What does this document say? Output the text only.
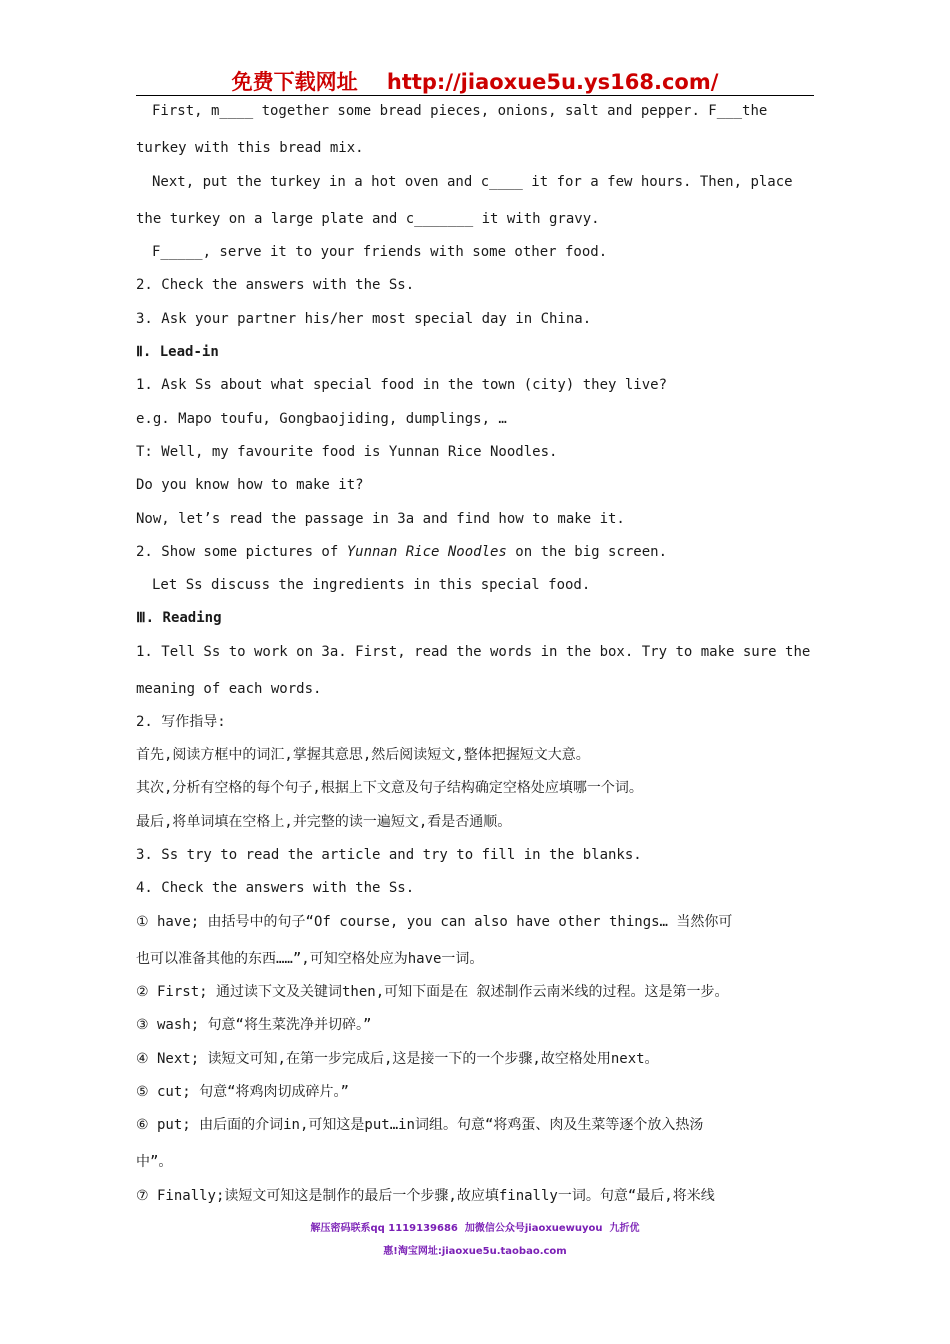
免费下载网址 http://jiaoxue5u.ys168.com/
First, m____ together some bread pieces, onions, salt and pepper. F___the
turkey with this bread mix.
Next, put the turkey in a hot oven and c____ it for a few hours. Then, place
the turkey on a large plate and c_______ it with gravy.
F_____, serve it to your friends with some other food.
2. Check the answers with the Ss.
3. Ask your partner his/her most special day in China.
Ⅱ. Lead-in
1. Ask Ss about what special food in the town (city) they live?
e.g. Mapo toufu, Gongbaojiding, dumplings, …
T: Well, my favourite food is Yunnan Rice Noodles.
Do you know how to make it?
Now, let’s read the passage in 3a and find how to make it.
2. Show some pictures of Yunnan Rice Noodles on the big screen.
Let Ss discuss the ingredients in this special food.
Ⅲ. Reading
1. Tell Ss to work on 3a. First, read the words in the box. Try to make sure the
meaning of each words.
2. 写作指导:
首先,阅读方框中的词汇,掌握其意思,然后阅读短文,整体把握短文大意。
其次,分析有空格的每个句子,根据上下文意及句子结构确定空格处应填哪一个词。
最后,将单词填在空格上,并完整的读一遍短文,看是否通顺。
3. Ss try to read the article and try to fill in the blanks.
4. Check the answers with the Ss.
① have; 由括号中的句子“Of course, you can also have other things… 当然你可
也可以准备其他的东西……”,可知空格处应为have一词。
② First; 通过读下文及关键词then,可知下面是在 叙述制作云南米线的过程。这是第一步。
③ wash; 句意“将生菜洗净并切碎。”
④ Next; 读短文可知,在第一步完成后,这是接一下的一个步骤,故空格处用next。
⑤ cut; 句意“将鸡肉切成碎片。”
⑥ put; 由后面的介词in,可知这是put…in词组。句意“将鸡蛋、肉及生菜等逐个放入热汤
中”。
⑦ Finally;读短文可知这是制作的最后一个步骤,故应填finally一词。句意“最后,将米线
解压密码联系qq 1119139686  加微信公众号jiaoxuewuyou  九折优
惠!淘宝网址:jiaoxue5u.taobao.com
